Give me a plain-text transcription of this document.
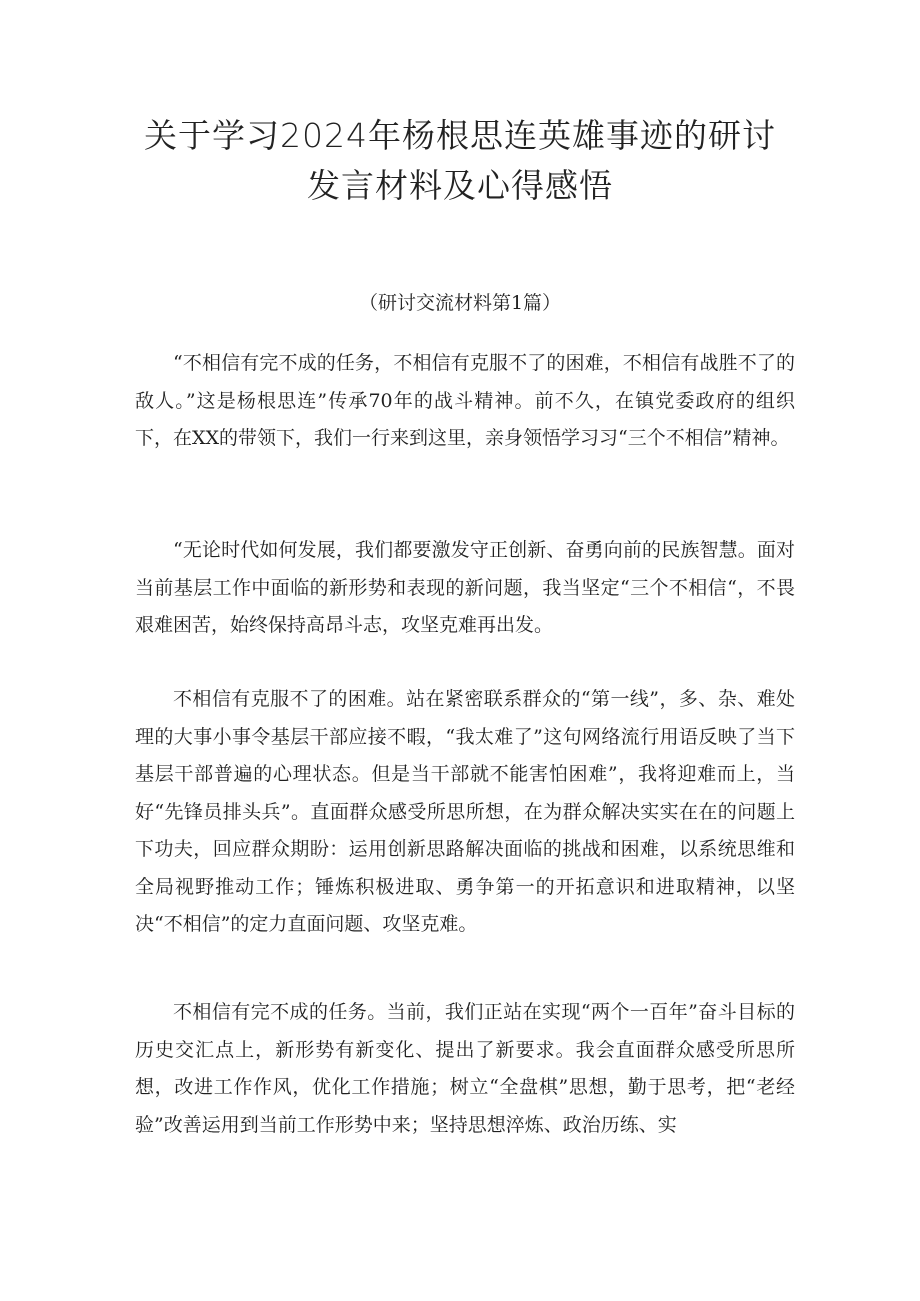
关于学习2024年杨根思连英雄事迹的研讨
发言材料及心得感悟

（研讨交流材料第1篇）

“不相信有完不成的任务，不相信有克服不了的困难，不相信有战胜不了的敌人。”这是杨根思连”传承70年的战斗精神。前不久，在镇党委政府的组织下，在XX的带领下，我们一行来到这里，亲身领悟学习习“三个不相信”精神。

“无论时代如何发展，我们都要激发守正创新、奋勇向前的民族智慧。面对当前基层工作中面临的新形势和表现的新问题，我当坚定“三个不相信“，不畏艰难困苦，始终保持高昂斗志，攻坚克难再出发。

不相信有克服不了的困难。站在紧密联系群众的“第一线”，多、杂、难处理的大事小事令基层干部应接不暇，“我太难了”这句网络流行用语反映了当下基层干部普遍的心理状态。但是当干部就不能害怕困难”，我将迎难而上，当好“先锋员排头兵”。直面群众感受所思所想，在为群众解决实实在在的问题上下功夫，回应群众期盼：运用创新思路解决面临的挑战和困难，以系统思维和全局视野推动工作；锤炼积极进取、勇争第一的开拓意识和进取精神，以坚决“不相信”的定力直面问题、攻坚克难。

不相信有完不成的任务。当前，我们正站在实现“两个一百年”奋斗目标的历史交汇点上，新形势有新变化、提出了新要求。我会直面群众感受所思所想，改进工作作风，优化工作措施；树立“全盘棋”思想，勤于思考，把“老经验”改善运用到当前工作形势中来；坚持思想淬炼、政治历练、实
